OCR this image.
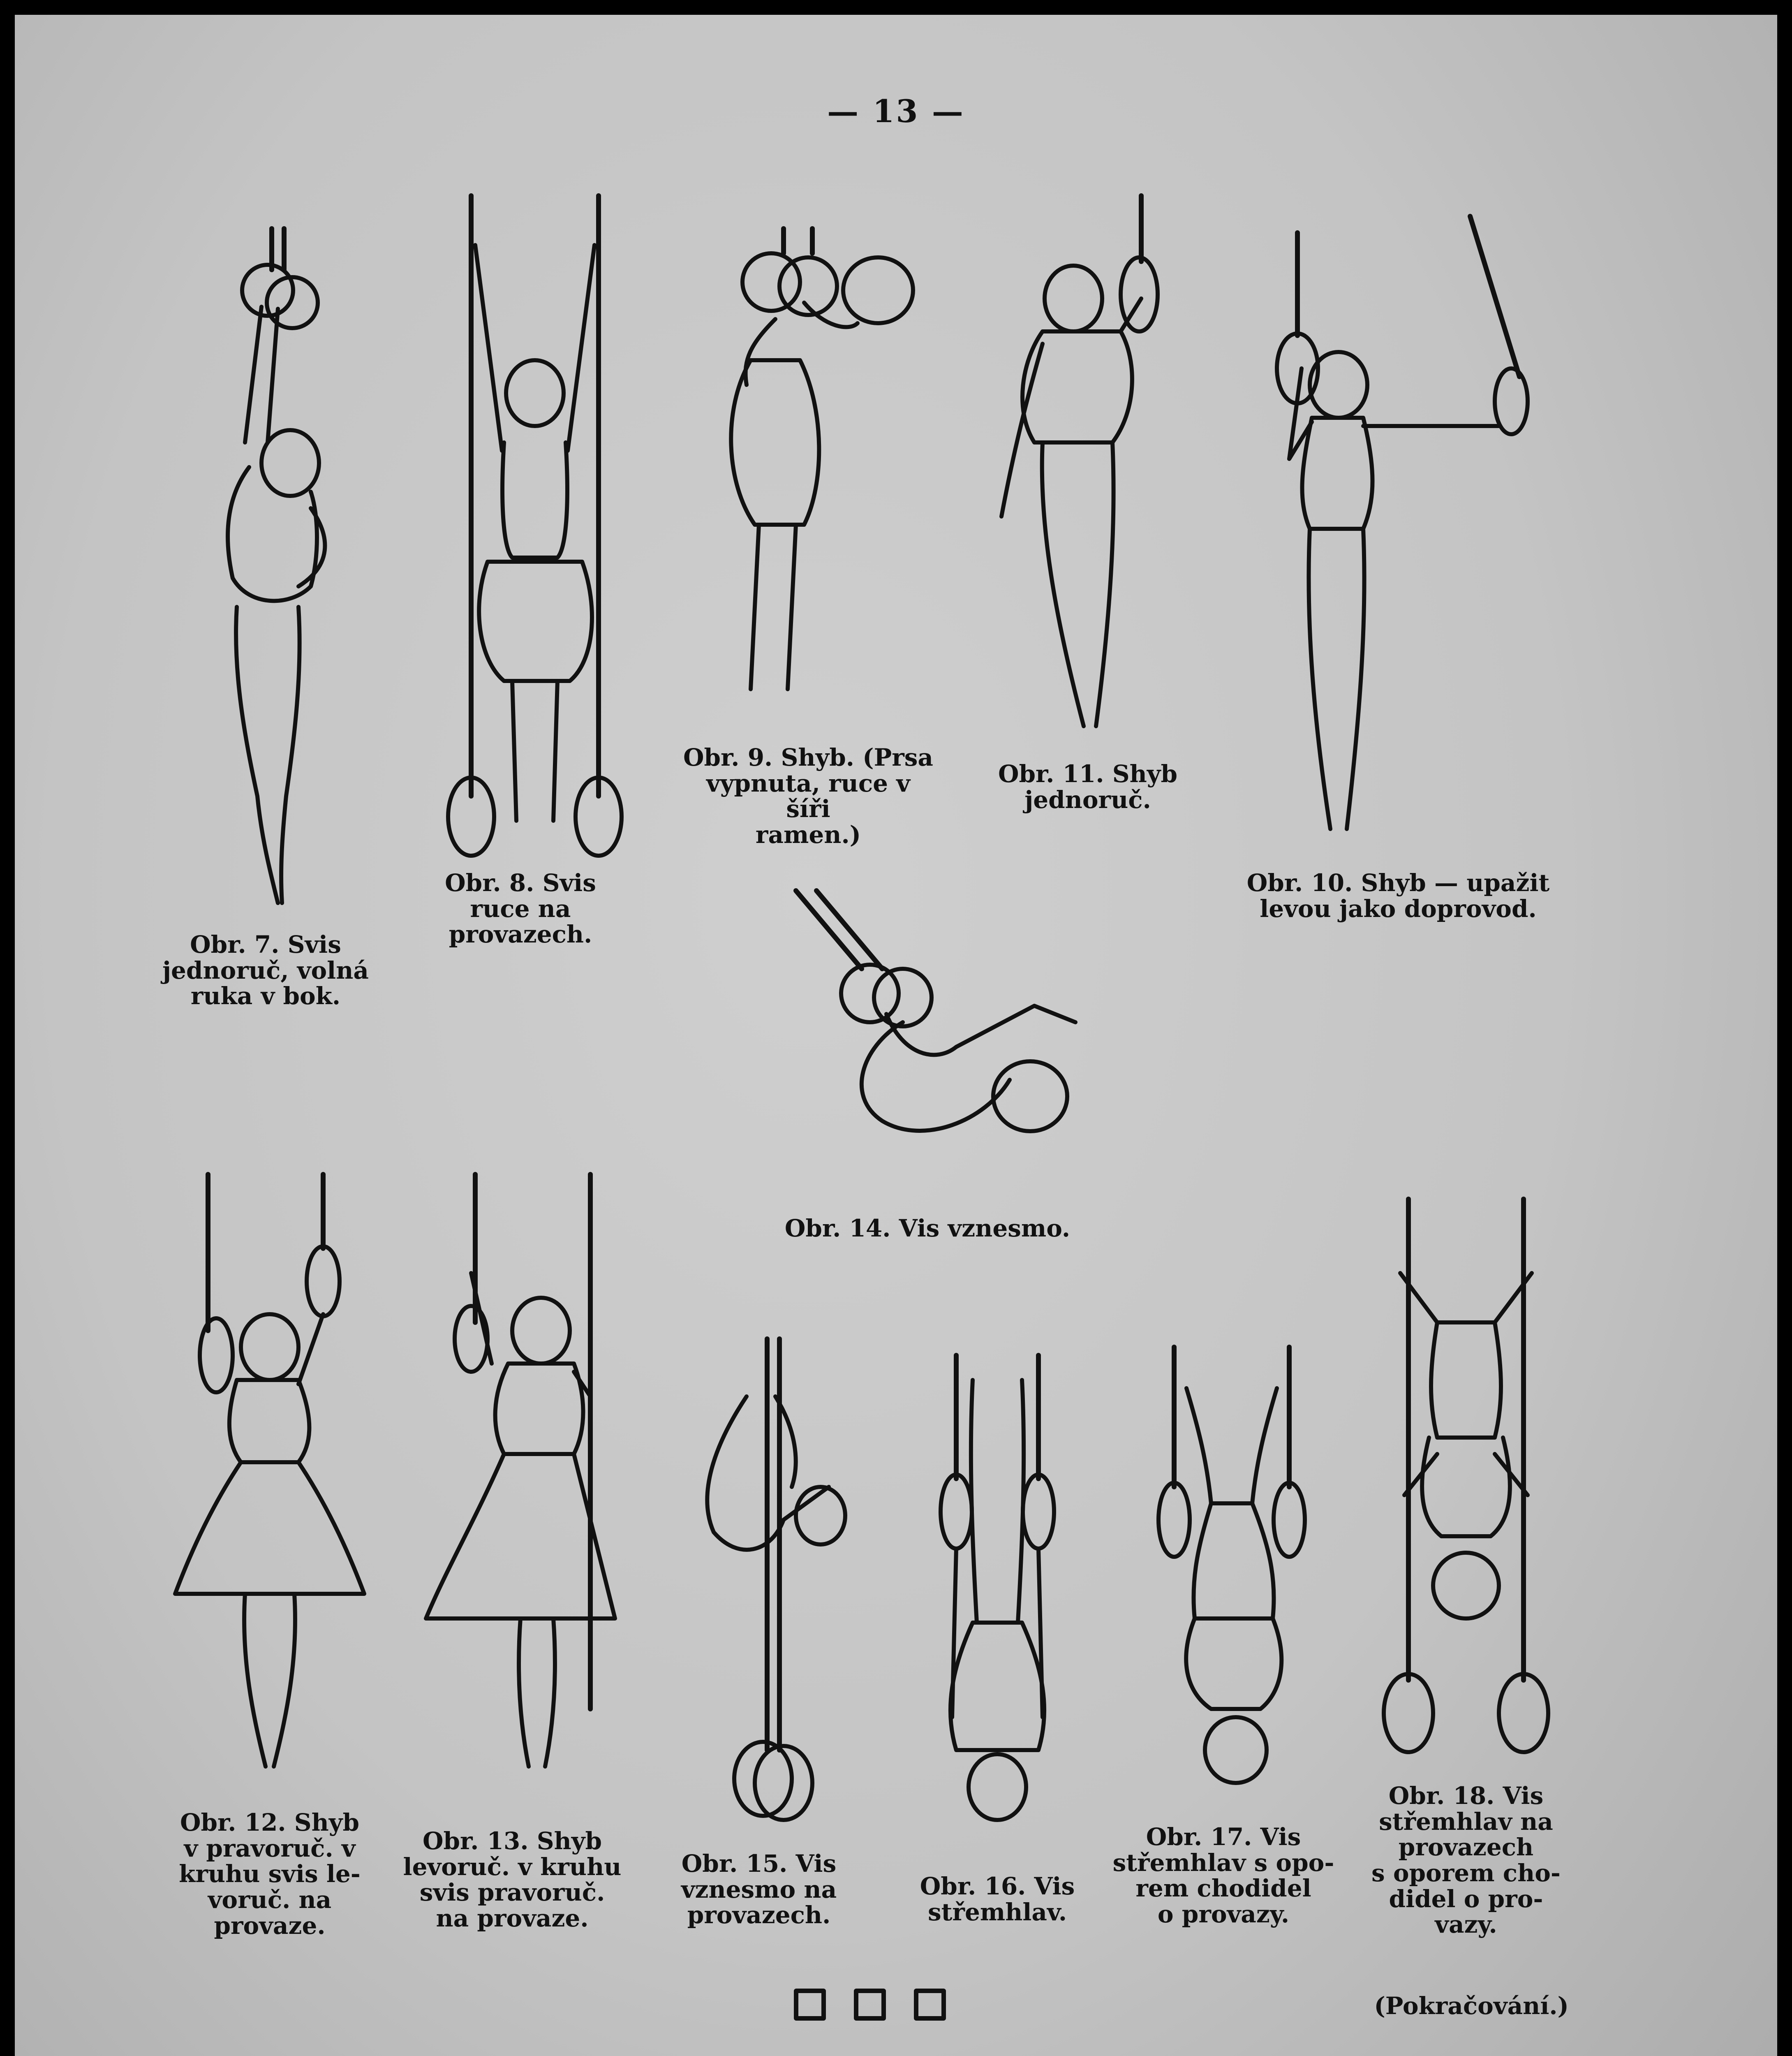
— 13 —
Obr. 7. Svis
jednoruč, volná
ruka v bok.
Obr. 8. Svis
ruce na provazech.
Obr. 9. Shyb. (Prsa
vypnuta, ruce v šíři
ramen.)
Obr. 11. Shyb
jednoruč.
Obr. 10. Shyb — upažit
levou jako doprovod.
Obr. 14. Vis vznesmo.
Obr. 12. Shyb
v pravoruč. v
kruhu svis le-
voruč. na
provaze.
Obr. 13. Shyb
levoruč. v kruhu
svis pravoruč.
na provaze.
Obr. 15. Vis
vznesmo na
provazech.
Obr. 16. Vis
střemhlav.
Obr. 17. Vis
střemhlav s opo-
rem chodidel
o provazy.
Obr. 18. Vis
střemhlav na
provazech
s oporem cho-
didel o pro-
vazy.
(Pokračování.)
